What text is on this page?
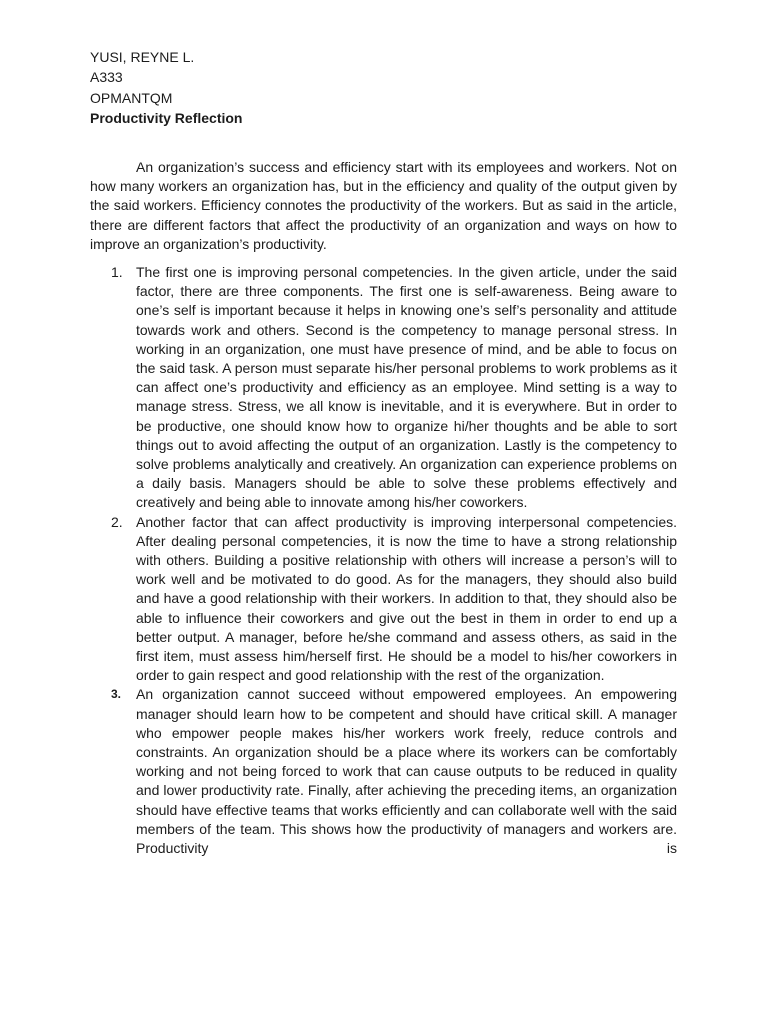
YUSI, REYNE L.
A333
OPMANTQM
Productivity Reflection

An organization’s success and efficiency start with its employees and workers. Not on how many workers an organization has, but in the efficiency and quality of the output given by the said workers. Efficiency connotes the productivity of the workers. But as said in the article, there are different factors that affect the productivity of an organization and ways on how to improve an organization’s productivity.

1. The first one is improving personal competencies. In the given article, under the said factor, there are three components. The first one is self-awareness. Being aware to one’s self is important because it helps in knowing one’s self’s personality and attitude towards work and others. Second is the competency to manage personal stress. In working in an organization, one must have presence of mind, and be able to focus on the said task. A person must separate his/her personal problems to work problems as it can affect one’s productivity and efficiency as an employee. Mind setting is a way to manage stress. Stress, we all know is inevitable, and it is everywhere. But in order to be productive, one should know how to organize hi/her thoughts and be able to sort things out to avoid affecting the output of an organization. Lastly is the competency to solve problems analytically and creatively. An organization can experience problems on a daily basis. Managers should be able to solve these problems effectively and creatively and being able to innovate among his/her coworkers.
2. Another factor that can affect productivity is improving interpersonal competencies. After dealing personal competencies, it is now the time to have a strong relationship with others. Building a positive relationship with others will increase a person’s will to work well and be motivated to do good. As for the managers, they should also build and have a good relationship with their workers. In addition to that, they should also be able to influence their coworkers and give out the best in them in order to end up a better output. A manager, before he/she command and assess others, as said in the first item, must assess him/herself first. He should be a model to his/her coworkers in order to gain respect and good relationship with the rest of the organization.
3. An organization cannot succeed without empowered employees. An empowering manager should learn how to be competent and should have critical skill. A manager who empower people makes his/her workers work freely, reduce controls and constraints. An organization should be a place where its workers can be comfortably working and not being forced to work that can cause outputs to be reduced in quality and lower productivity rate. Finally, after achieving the preceding items, an organization should have effective teams that works efficiently and can collaborate well with the said members of the team. This shows how the productivity of managers and workers are. Productivity is
